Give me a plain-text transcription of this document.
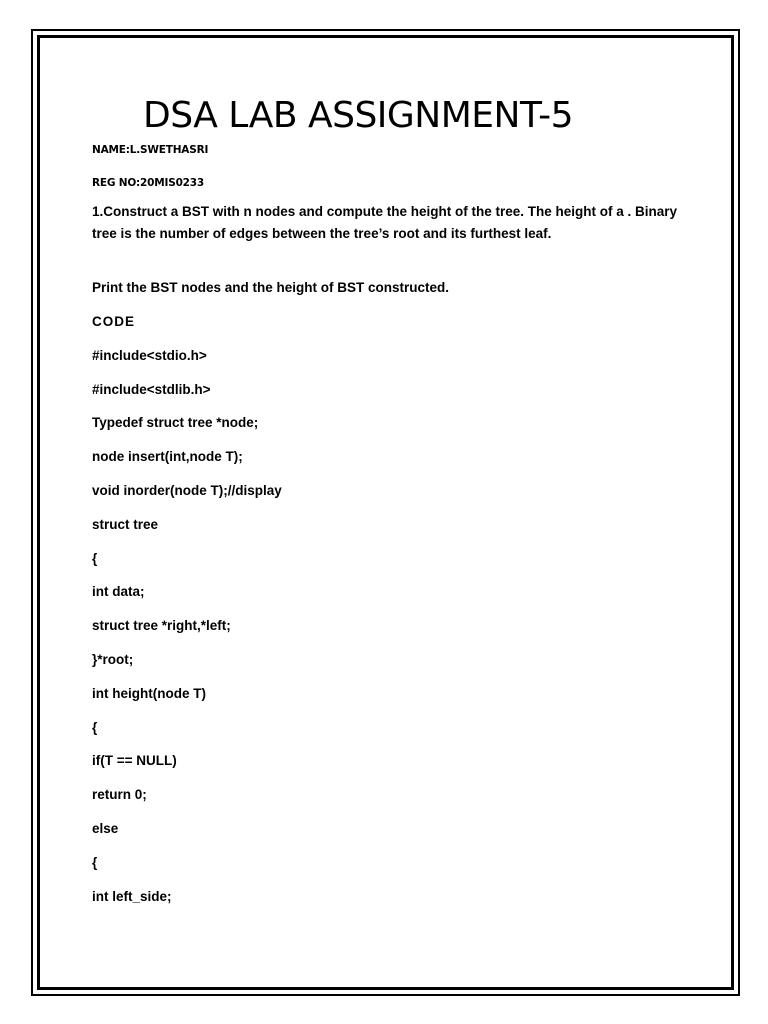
DSA LAB ASSIGNMENT-5

NAME:L.SWETHASRI

REG NO:20MIS0233

1.Construct a BST with n nodes and compute the height of the tree. The height of a . Binary tree is the number of edges between the tree’s root and its furthest leaf.

Print the BST nodes and the height of BST constructed.

CODE

#include<stdio.h>

#include<stdlib.h>

Typedef struct tree *node;

node insert(int,node T);

void inorder(node T);//display

struct tree

{

int data;

struct tree *right,*left;

}*root;

int height(node T)

{

if(T == NULL)

return 0;

else

{

int left_side;
